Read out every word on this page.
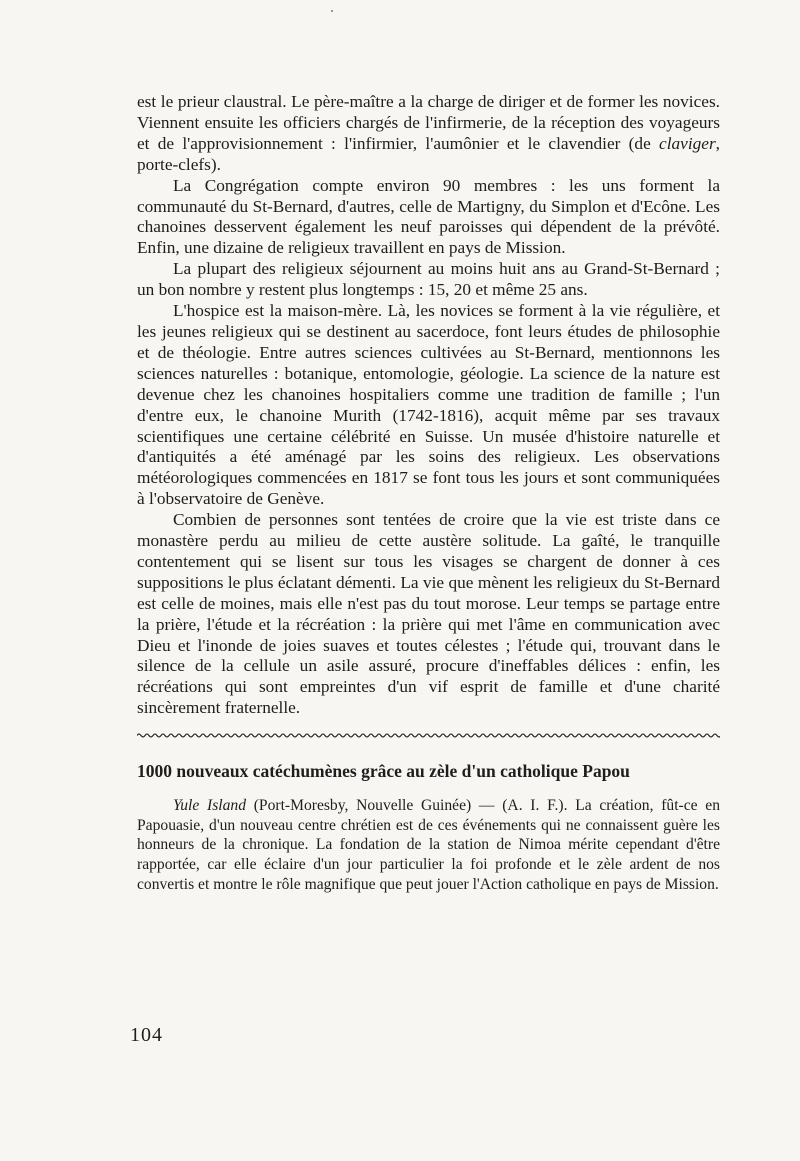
est le prieur claustral. Le père-maître a la charge de diriger et de former les novices. Viennent ensuite les officiers chargés de l'infirmerie, de la réception des voyageurs et de l'approvisionnement : l'infirmier, l'aumônier et le clavendier (de claviger, porte-clefs).

La Congrégation compte environ 90 membres : les uns forment la communauté du St-Bernard, d'autres, celle de Martigny, du Simplon et d'Ecône. Les chanoines desservent également les neuf paroisses qui dépendent de la prévôté. Enfin, une dizaine de religieux travaillent en pays de Mission.

La plupart des religieux séjournent au moins huit ans au Grand-St-Bernard ; un bon nombre y restent plus longtemps : 15, 20 et même 25 ans.

L'hospice est la maison-mère. Là, les novices se forment à la vie régulière, et les jeunes religieux qui se destinent au sacerdoce, font leurs études de philosophie et de théologie. Entre autres sciences cultivées au St-Bernard, mentionnons les sciences naturelles : botanique, entomologie, géologie. La science de la nature est devenue chez les chanoines hospitaliers comme une tradition de famille ; l'un d'entre eux, le chanoine Murith (1742-1816), acquit même par ses travaux scientifiques une certaine célébrité en Suisse. Un musée d'histoire naturelle et d'antiquités a été aménagé par les soins des religieux. Les observations météorologiques commencées en 1817 se font tous les jours et sont communiquées à l'observatoire de Genève.

Combien de personnes sont tentées de croire que la vie est triste dans ce monastère perdu au milieu de cette austère solitude. La gaîté, le tranquille contentement qui se lisent sur tous les visages se chargent de donner à ces suppositions le plus éclatant démenti. La vie que mènent les religieux du St-Bernard est celle de moines, mais elle n'est pas du tout morose. Leur temps se partage entre la prière, l'étude et la récréation : la prière qui met l'âme en communication avec Dieu et l'inonde de joies suaves et toutes célestes ; l'étude qui, trouvant dans le silence de la cellule un asile assuré, procure d'ineffables délices : enfin, les récréations qui sont empreintes d'un vif esprit de famille et d'une charité sincèrement fraternelle.

1000 nouveaux catéchumènes grâce au zèle d'un catholique Papou

Yule Island (Port-Moresby, Nouvelle Guinée) — (A. I. F.). La création, fût-ce en Papouasie, d'un nouveau centre chrétien est de ces événements qui ne connaissent guère les honneurs de la chronique. La fondation de la station de Nimoa mérite cependant d'être rapportée, car elle éclaire d'un jour particulier la foi profonde et le zèle ardent de nos convertis et montre le rôle magnifique que peut jouer l'Action catholique en pays de Mission.

104
